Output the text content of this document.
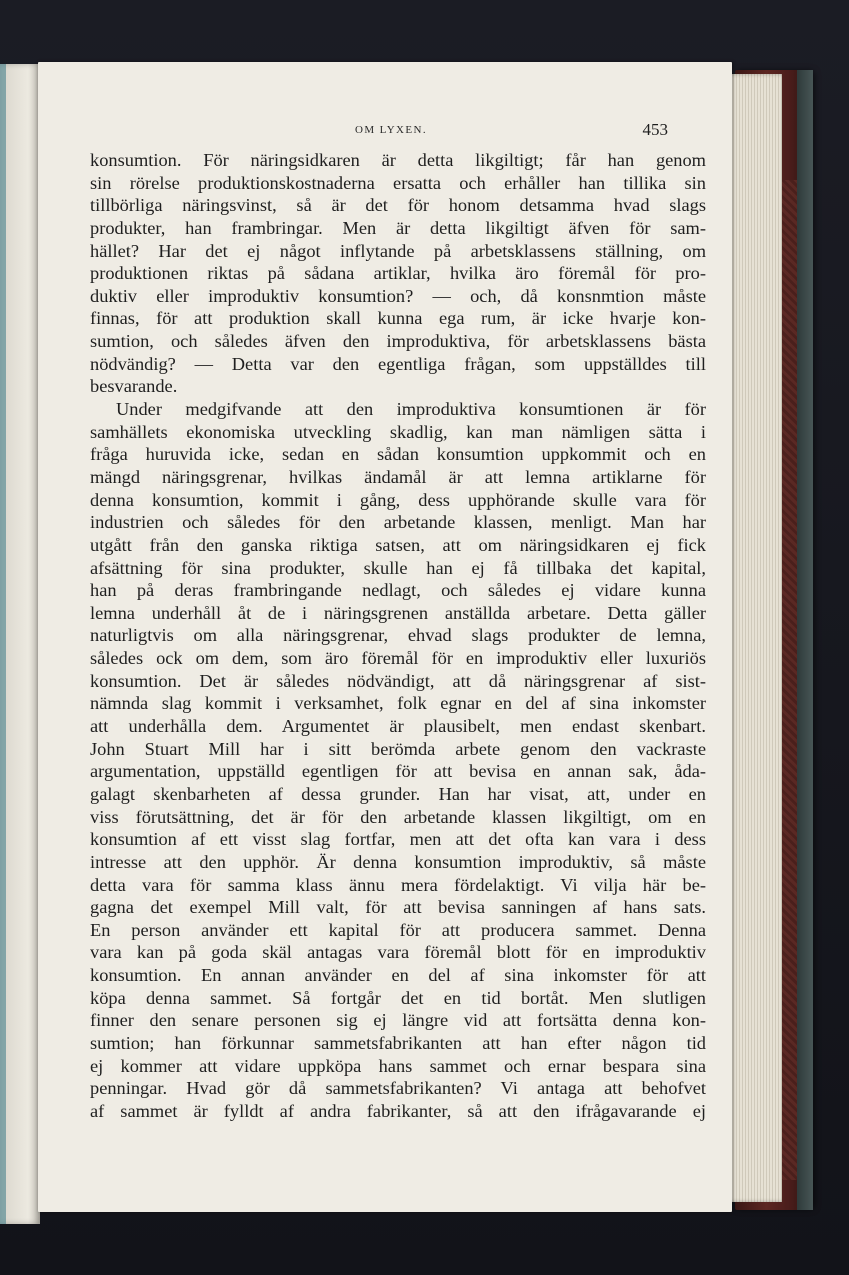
OM LYXEN.	453
konsumtion. För näringsidkaren är detta likgiltigt; får han genom
sin rörelse produktionskostnaderna ersatta och erhåller han tillika sin
tillbörliga näringsvinst, så är det för honom detsamma hvad slags
produkter, han frambringar. Men är detta likgiltigt äfven för sam-
hället? Har det ej något inflytande på arbetsklassens ställning, om
produktionen riktas på sådana artiklar, hvilka äro föremål för pro-
duktiv eller improduktiv konsumtion? — och, då konsnmtion måste
finnas, för att produktion skall kunna ega rum, är icke hvarje kon-
sumtion, och således äfven den improduktiva, för arbetsklassens bästa
nödvändig? — Detta var den egentliga frågan, som uppställdes till
besvarande.
Under medgifvande att den improduktiva konsumtionen är för
samhällets ekonomiska utveckling skadlig, kan man nämligen sätta i
fråga huruvida icke, sedan en sådan konsumtion uppkommit och en
mängd näringsgrenar, hvilkas ändamål är att lemna artiklarne för
denna konsumtion, kommit i gång, dess upphörande skulle vara för
industrien och således för den arbetande klassen, menligt. Man har
utgått från den ganska riktiga satsen, att om näringsidkaren ej fick
afsättning för sina produkter, skulle han ej få tillbaka det kapital,
han på deras frambringande nedlagt, och således ej vidare kunna
lemna underhåll åt de i näringsgrenen anställda arbetare. Detta gäller
naturligtvis om alla näringsgrenar, ehvad slags produkter de lemna,
således ock om dem, som äro föremål för en improduktiv eller luxuriös
konsumtion. Det är således nödvändigt, att då näringsgrenar af sist-
nämnda slag kommit i verksamhet, folk egnar en del af sina inkomster
att underhålla dem. Argumentet är plausibelt, men endast skenbart.
John Stuart Mill har i sitt berömda arbete genom den vackraste
argumentation, uppställd egentligen för att bevisa en annan sak, åda-
galagt skenbarheten af dessa grunder. Han har visat, att, under en
viss förutsättning, det är för den arbetande klassen likgiltigt, om en
konsumtion af ett visst slag fortfar, men att det ofta kan vara i dess
intresse att den upphör. Är denna konsumtion improduktiv, så måste
detta vara för samma klass ännu mera fördelaktigt. Vi vilja här be-
gagna det exempel Mill valt, för att bevisa sanningen af hans sats.
En person använder ett kapital för att producera sammet. Denna
vara kan på goda skäl antagas vara föremål blott för en improduktiv
konsumtion. En annan använder en del af sina inkomster för att
köpa denna sammet. Så fortgår det en tid bortåt. Men slutligen
finner den senare personen sig ej längre vid att fortsätta denna kon-
sumtion; han förkunnar sammetsfabrikanten att han efter någon tid
ej kommer att vidare uppköpa hans sammet och ernar bespara sina
penningar. Hvad gör då sammetsfabrikanten? Vi antaga att behofvet
af sammet är fylldt af andra fabrikanter, så att den ifrågavarande ej
